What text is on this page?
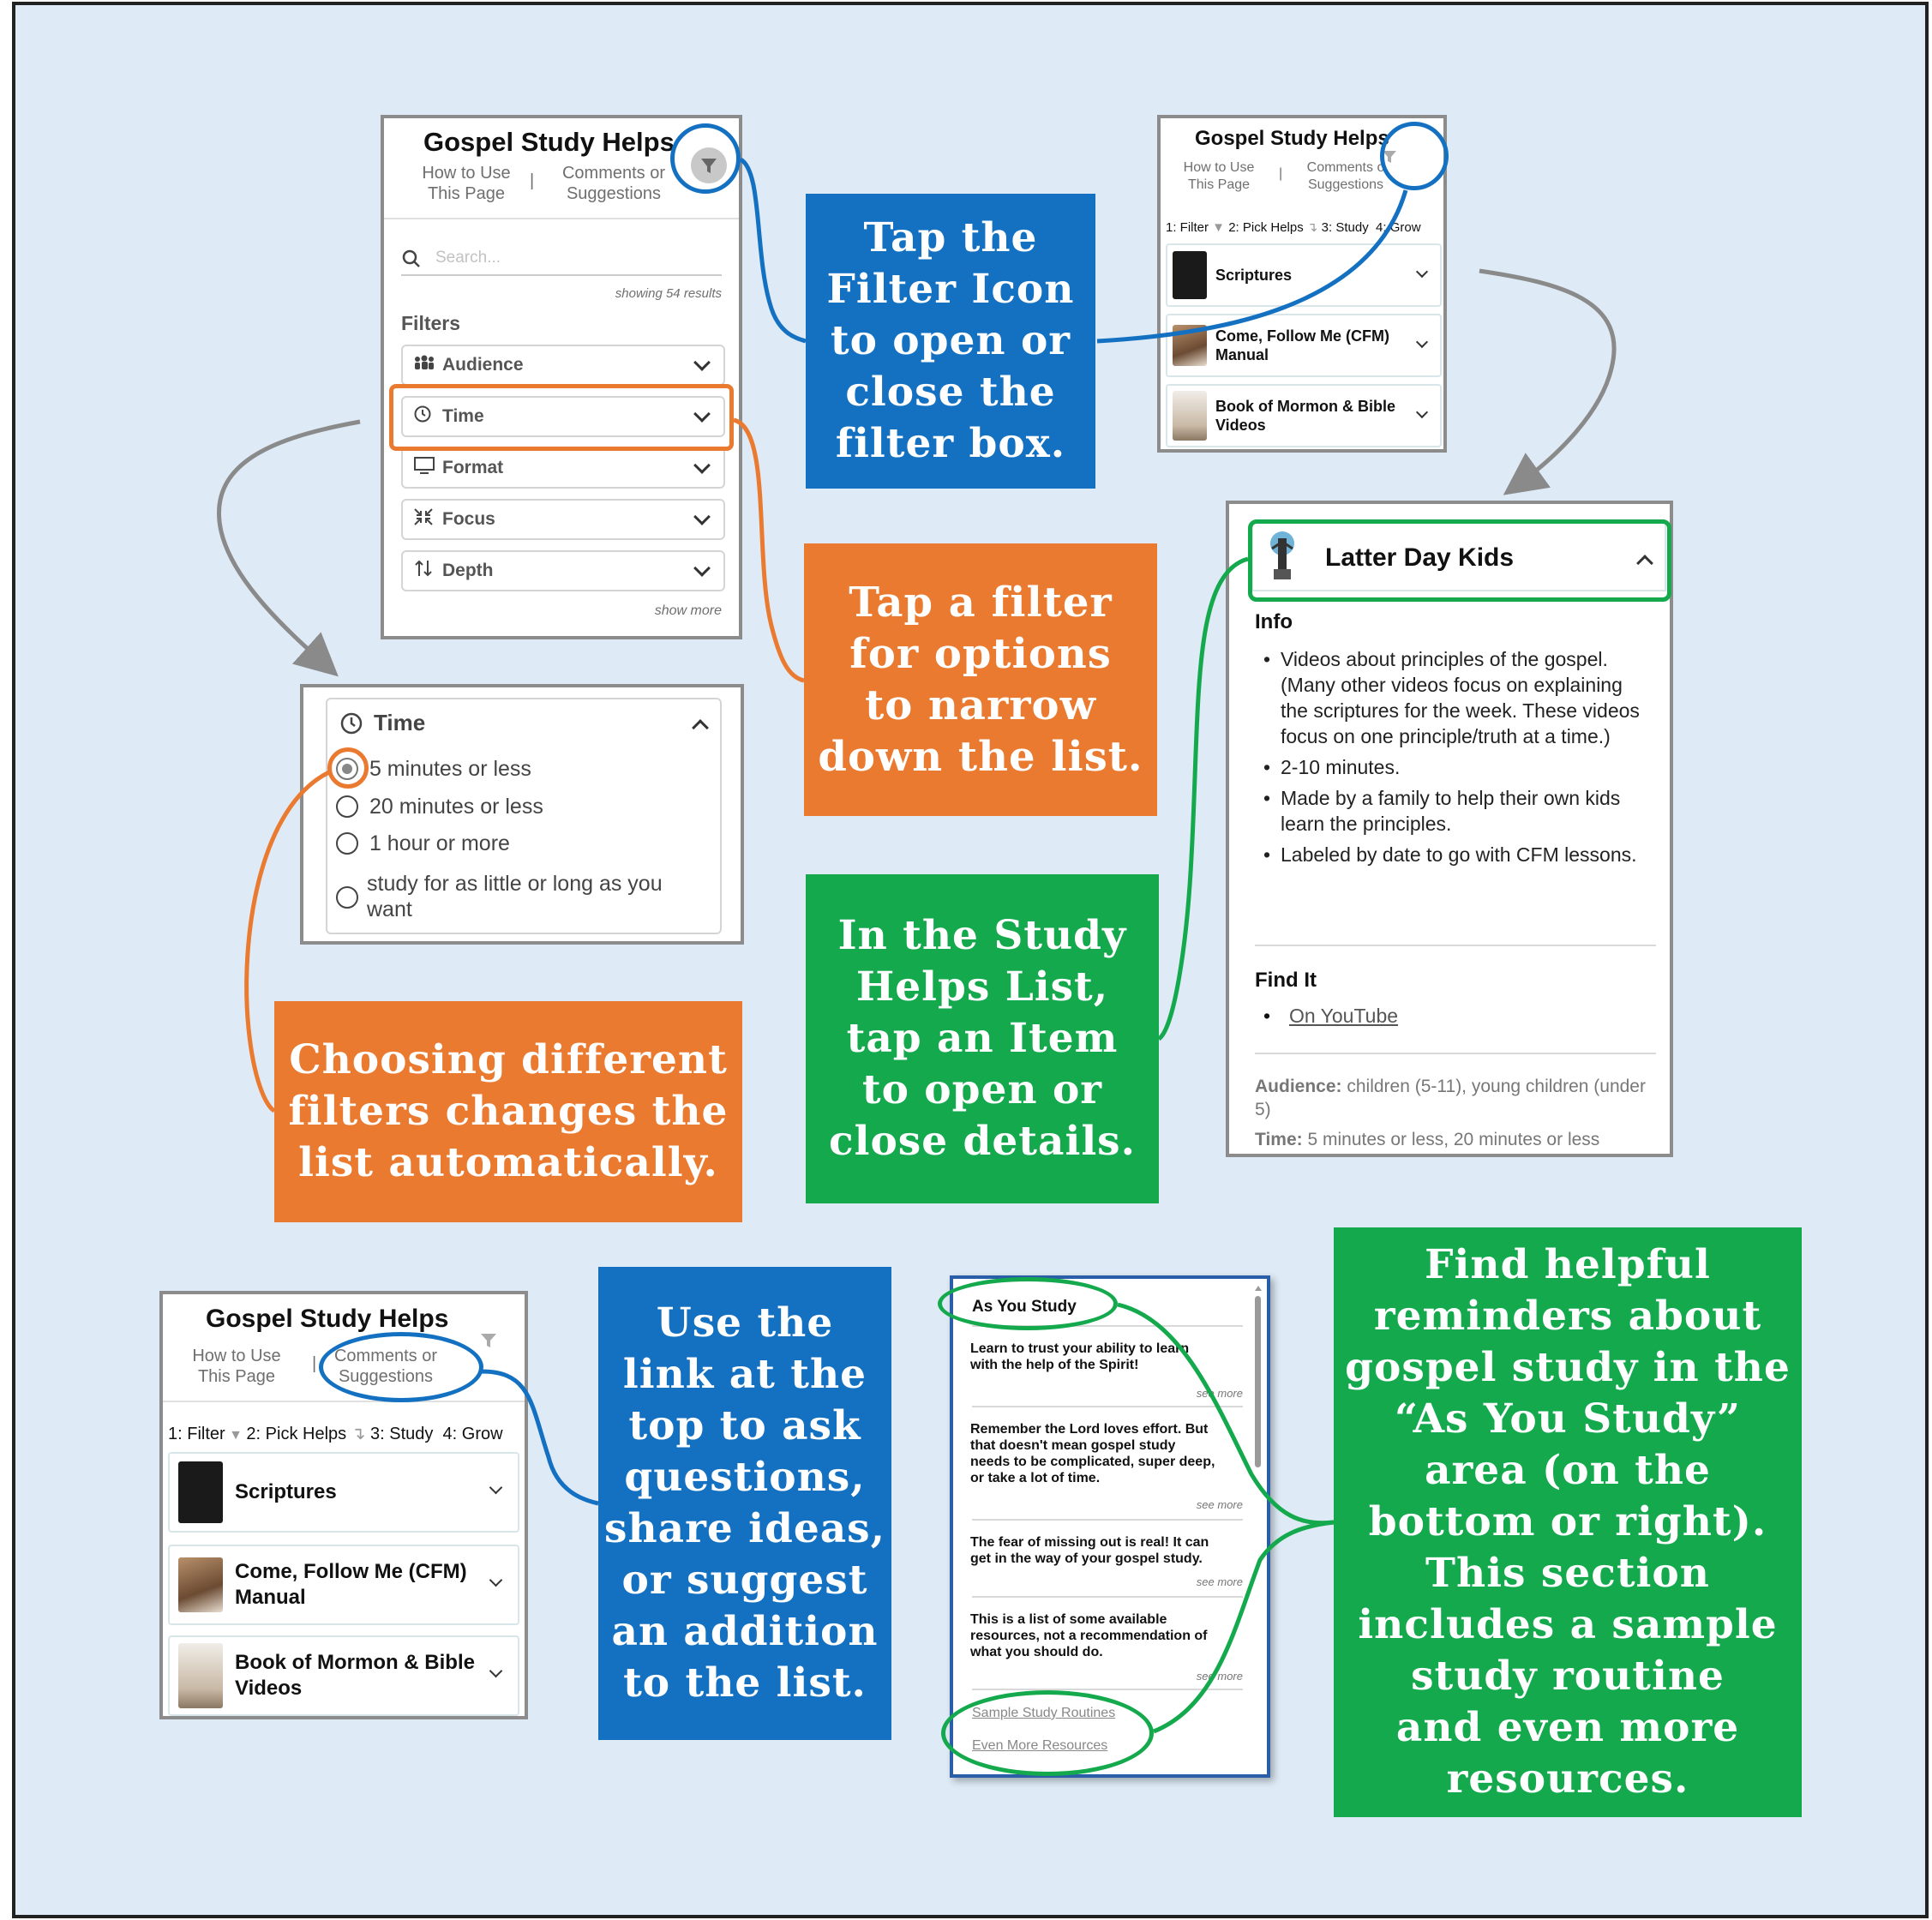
Gospel Study Helps
How to Use
This Page
|	Comments or
Suggestions
Search...
showing 54 results
Filters
Audience
Time
Format
Focus
Depth
show more
Gospel Study Helps
How to Use
This Page
|	Comments o
Suggestions
1: Filter ▼ 2: Pick Helps ↴ 3: Study 4: Grow
Scriptures
Come, Follow Me (CFM)
Manual
Book of Mormon & Bible
Videos
Time
5 minutes or less
20 minutes or less
1 hour or more
study for as little or long as you
want
Latter Day Kids
Info
• Videos about principles of the gospel. (Many other videos focus on explaining the scriptures for the week. These videos focus on one principle/truth at a time.)
• 2-10 minutes.
• Made by a family to help their own kids learn the principles.
• Labeled by date to go with CFM lessons.
Find It
• On YouTube
Audience: children (5-11), young children (under 5)
Time: 5 minutes or less, 20 minutes or less
Gospel Study Helps
How to Use
This Page
|	Comments or
Suggestions
1: Filter ▼ 2: Pick Helps ↴ 3: Study 4: Grow
Scriptures
Come, Follow Me (CFM)
Manual
Book of Mormon & Bible
Videos
As You Study
Learn to trust your ability to learn
with the help of the Spirit!
see more
Remember the Lord loves effort. But
that doesn't mean gospel study
needs to be complicated, super deep,
or take a lot of time.
see more
The fear of missing out is real! It can
get in the way of your gospel study.
see more
This is a list of some available
resources, not a recommendation of
what you should do.
see more
Sample Study Routines
Even More Resources
Tap the
Filter Icon
to open or
close the
filter box.
Tap a filter
for options
to narrow
down the list.
Choosing different
filters changes the
list automatically.
In the Study
Helps List,
tap an Item
to open or
close details.
Use the
link at the
top to ask
questions,
share ideas,
or suggest
an addition
to the list.
Find helpful
reminders about
gospel study in the
“As You Study”
area (on the
bottom or right).
This section
includes a sample
study routine
and even more
resources.
